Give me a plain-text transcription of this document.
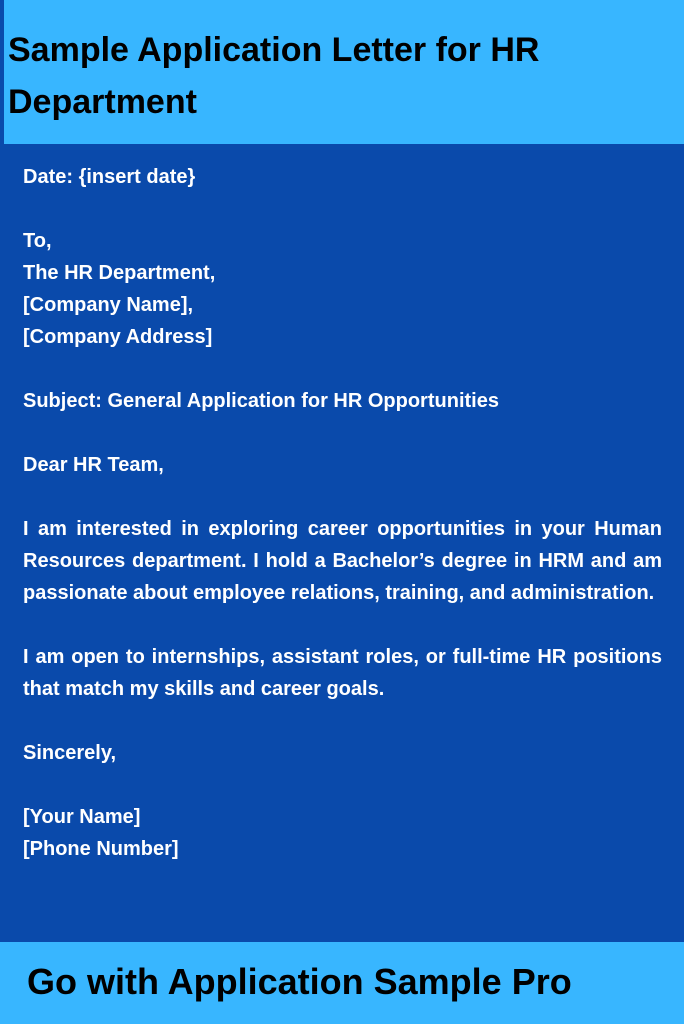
Sample Application Letter for HR Department

Date: {insert date}

To,
The HR Department,
[Company Name],
[Company Address]

Subject: General Application for HR Opportunities

Dear HR Team,

I am interested in exploring career opportunities in your Human Resources department. I hold a Bachelor’s degree in HRM and am passionate about employee relations, training, and administration.

I am open to internships, assistant roles, or full-time HR positions that match my skills and career goals.

Sincerely,

[Your Name]
[Phone Number]

Go with Application Sample Pro
